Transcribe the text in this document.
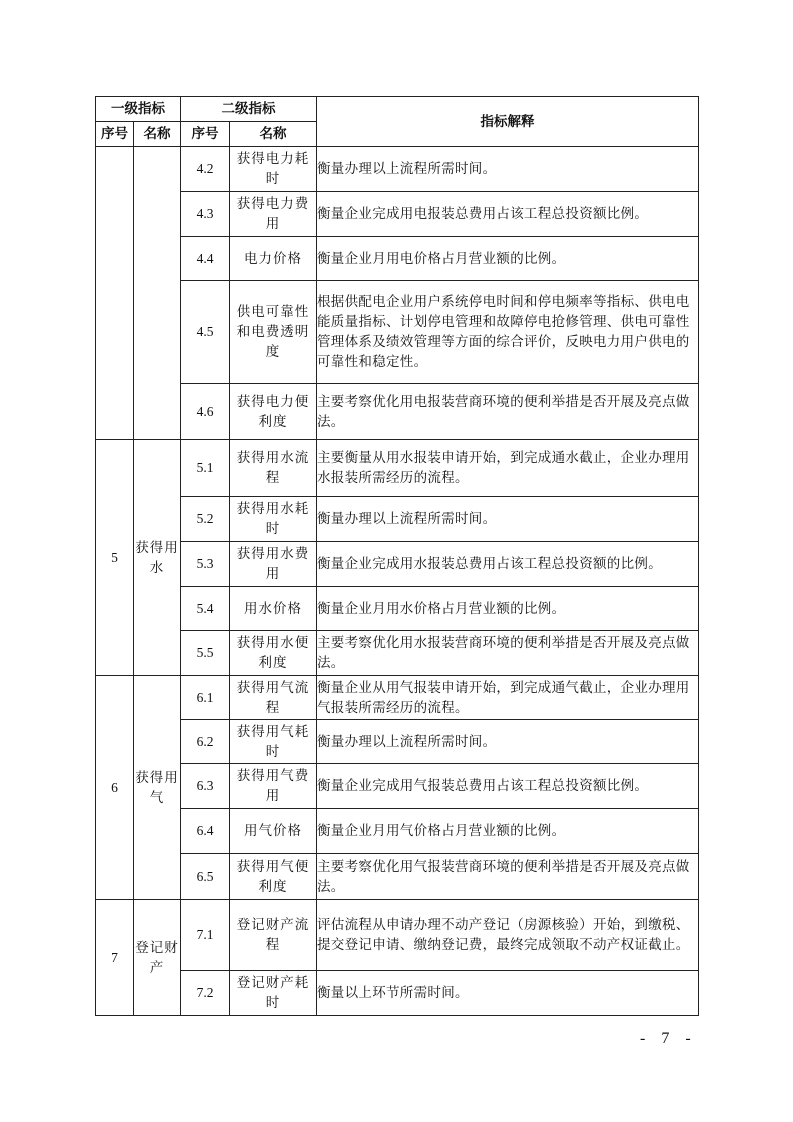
一级指标		二级指标		指标解释
序号	名称	序号	名称	
		4.2	获得电力耗时	衡量办理以上流程所需时间。
		4.3	获得电力费用	衡量企业完成用电报装总费用占该工程总投资额比例。
		4.4	电力价格	衡量企业月用电价格占月营业额的比例。
		4.5	供电可靠性和电费透明度	根据供配电企业用户系统停电时间和停电频率等指标、供电电能质量指标、计划停电管理和故障停电抢修管理、供电可靠性管理体系及绩效管理等方面的综合评价，反映电力用户供电的可靠性和稳定性。
		4.6	获得电力便利度	主要考察优化用电报装营商环境的便利举措是否开展及亮点做法。
5	获得用水	5.1	获得用水流程	主要衡量从用水报装申请开始，到完成通水截止，企业办理用水报装所需经历的流程。
		5.2	获得用水耗时	衡量办理以上流程所需时间。
		5.3	获得用水费用	衡量企业完成用水报装总费用占该工程总投资额的比例。
		5.4	用水价格	衡量企业月用水价格占月营业额的比例。
		5.5	获得用水便利度	主要考察优化用水报装营商环境的便利举措是否开展及亮点做法。
6	获得用气	6.1	获得用气流程	衡量企业从用气报装申请开始，到完成通气截止，企业办理用气报装所需经历的流程。
		6.2	获得用气耗时	衡量办理以上流程所需时间。
		6.3	获得用气费用	衡量企业完成用气报装总费用占该工程总投资额比例。
		6.4	用气价格	衡量企业月用气价格占月营业额的比例。
		6.5	获得用气便利度	主要考察优化用气报装营商环境的便利举措是否开展及亮点做法。
7	登记财产	7.1	登记财产流程	评估流程从申请办理不动产登记（房源核验）开始，到缴税、提交登记申请、缴纳登记费，最终完成领取不动产权证截止。
		7.2	登记财产耗时	衡量以上环节所需时间。
- 7 -
